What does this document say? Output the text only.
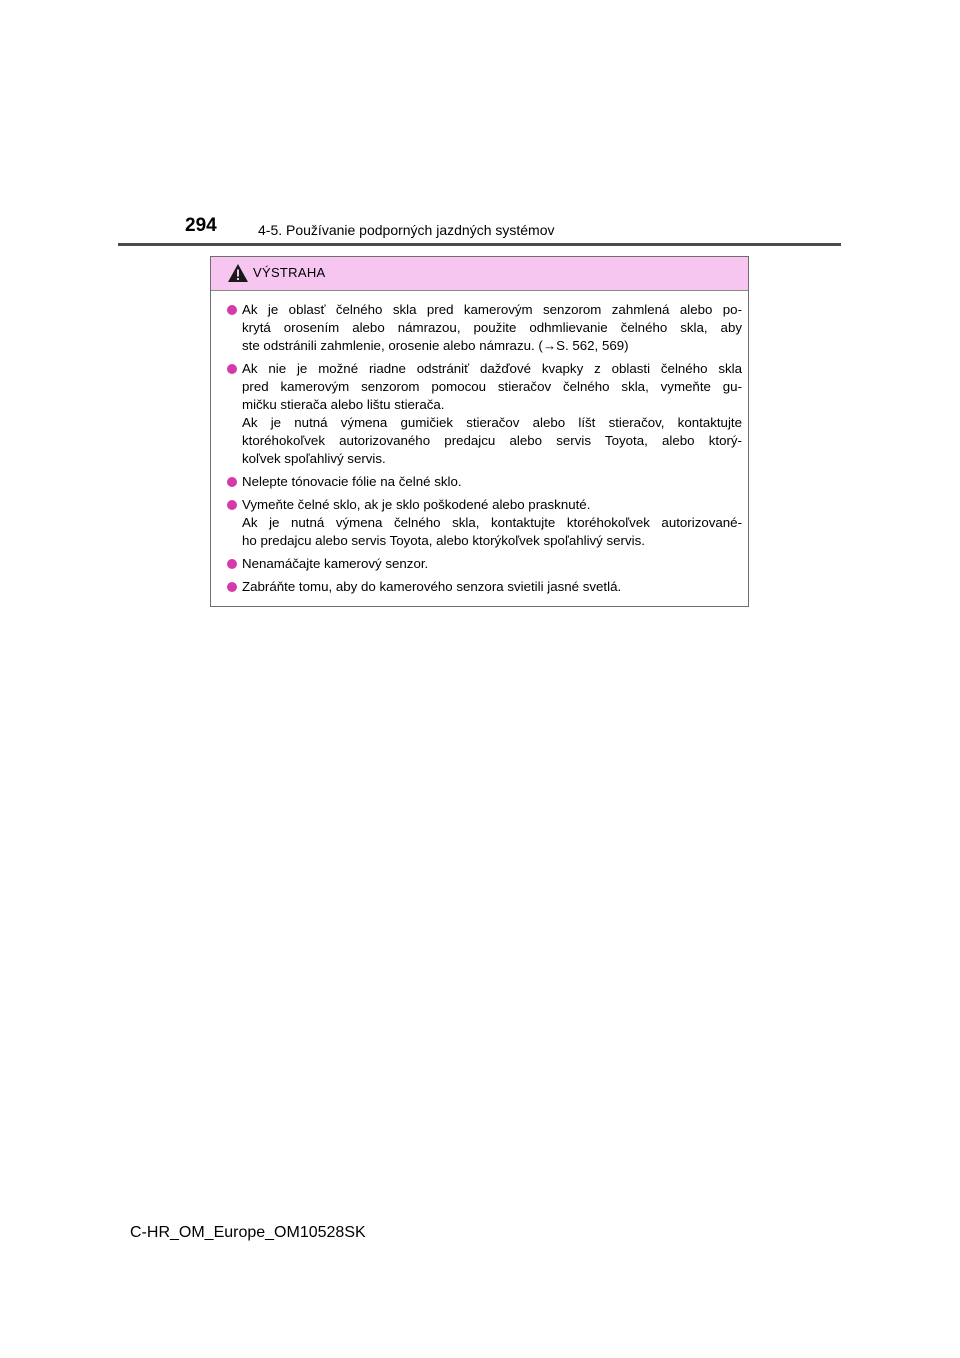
294	4-5. Používanie podporných jazdných systémov
VÝSTRAHA
Ak je oblasť čelného skla pred kamerovým senzorom zahmlená alebo po-
krytá orosením alebo námrazou, použite odhmlievanie čelného skla, aby
ste odstránili zahmlenie, orosenie alebo námrazu. (→S. 562, 569)
Ak nie je možné riadne odstrániť dažďové kvapky z oblasti čelného skla
pred kamerovým senzorom pomocou stieračov čelného skla, vymeňte gu-
mičku stierača alebo lištu stierača.
Ak je nutná výmena gumičiek stieračov alebo líšt stieračov, kontaktujte
ktoréhokoľvek autorizovaného predajcu alebo servis Toyota, alebo ktorý-
koľvek spoľahlivý servis.
Nelepte tónovacie fólie na čelné sklo.
Vymeňte čelné sklo, ak je sklo poškodené alebo prasknuté.
Ak je nutná výmena čelného skla, kontaktujte ktoréhokoľvek autorizované-
ho predajcu alebo servis Toyota, alebo ktorýkoľvek spoľahlivý servis.
Nenamáčajte kamerový senzor.
Zabráňte tomu, aby do kamerového senzora svietili jasné svetlá.
C-HR_OM_Europe_OM10528SK
